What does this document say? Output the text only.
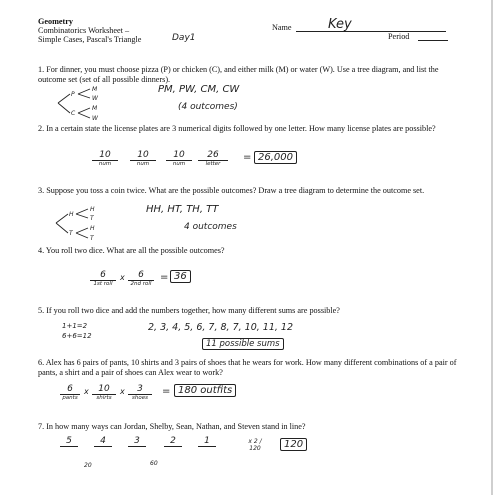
Geometry
Combinatorics Worksheet –
Simple Cases, Pascal's Triangle	Day1
Name	Key
Period
1. For dinner, you must choose pizza (P) or chicken (C), and either milk (M) or water (W). Use a tree diagram, and list the outcome set (set of all possible dinners).
P
C
M
W
M
W
PM, PW, CM, CW
(4 outcomes)
2. In a certain state the license plates are 3 numerical digits followed by one letter. How many license plates are possible?
10
num
10
num
10
num
26
letter
= 26,000
3. Suppose you toss a coin twice. What are the possible outcomes? Draw a tree diagram to determine the outcome set.
H
T
H
T
H
T
HH, HT, TH, TT
4 outcomes
4. You roll two dice. What are all the possible outcomes?
6
1st roll
x	6
2nd roll
= 36
5. If you roll two dice and add the numbers together, how many different sums are possible?
1+1=2
6+6=12
2, 3, 4, 5, 6, 7, 8, 7, 10, 11, 12
11 possible sums
6. Alex has 6 pairs of pants, 10 shirts and 3 pairs of shoes that he wears for work. How many different combinations of a pair of pants, a shirt and a pair of shoes can Alex wear to work?
6
pants
x	10
shirts
x	3
shoes
= 180 outfits
7. In how many ways can Jordan, Shelby, Sean, Nathan, and Steven stand in line?
5	4	3	2	1
20	60
x 2 / 120	120
